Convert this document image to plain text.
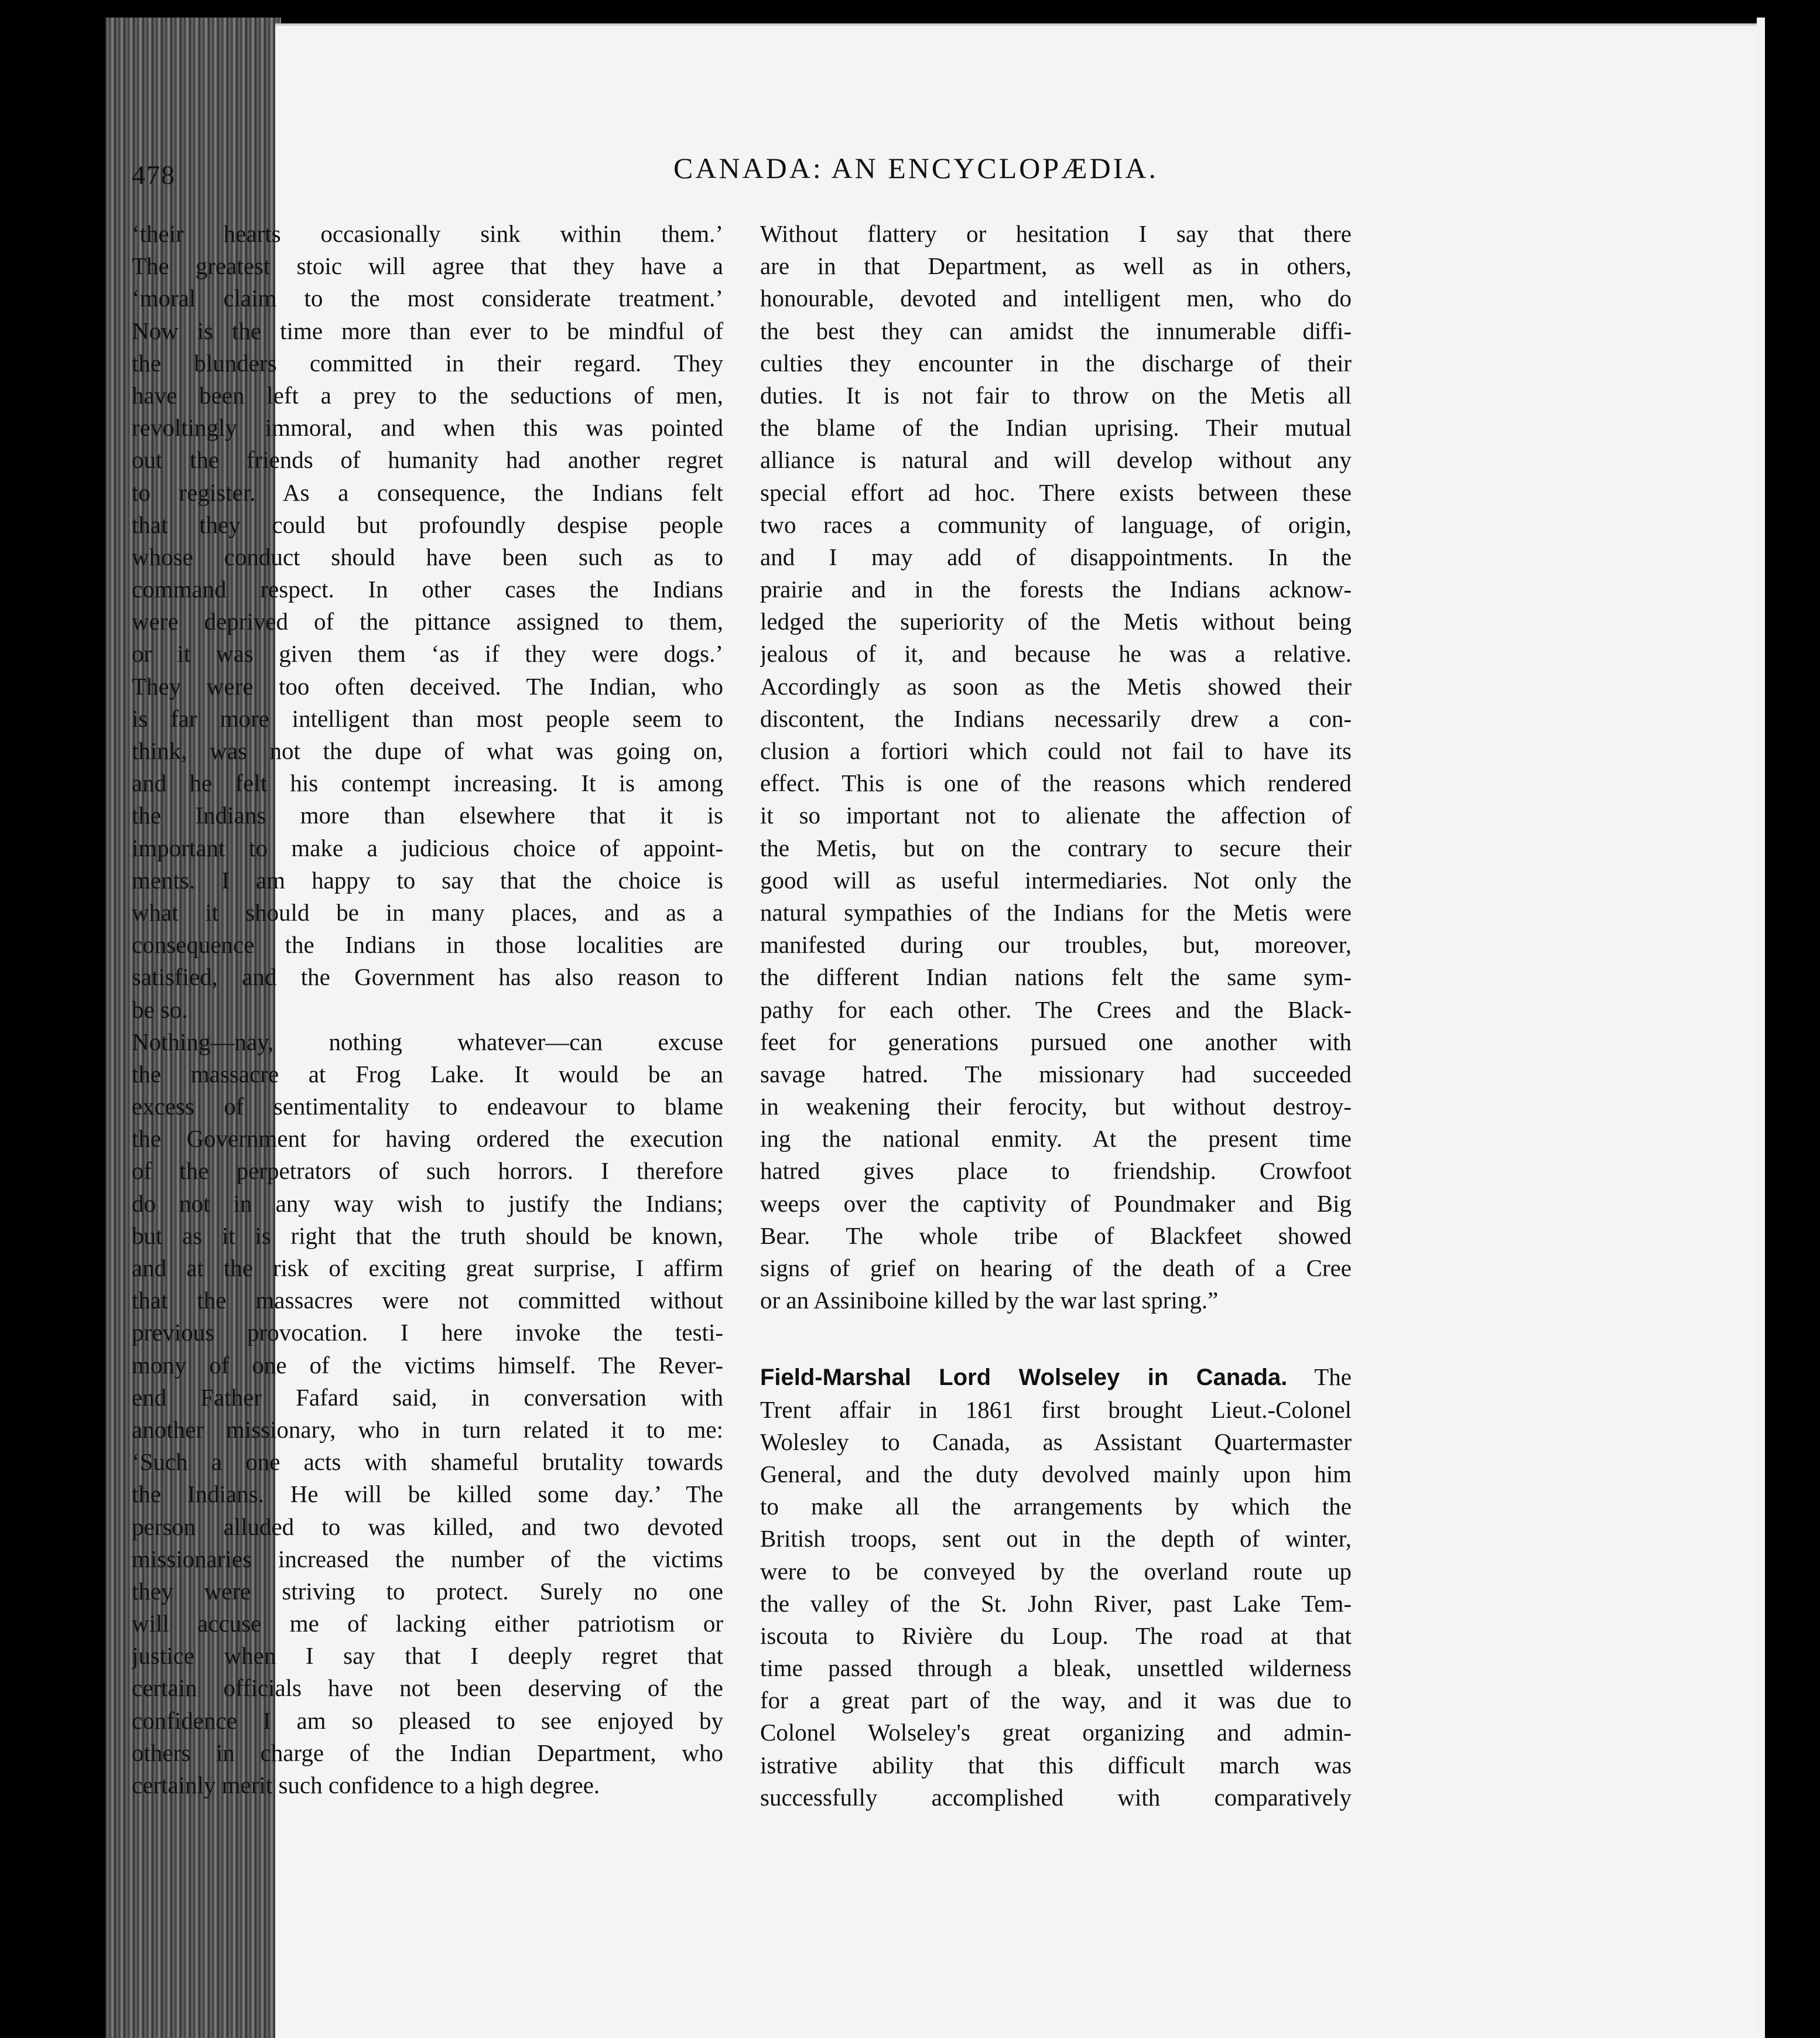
478	CANADA: AN ENCYCLOPÆDIA.
‘their hearts occasionally sink within them.’
The greatest stoic will agree that they have a
‘moral claim to the most considerate treatment.’
Now is the time more than ever to be mindful of
the blunders committed in their regard. They
have been left a prey to the seductions of men,
revoltingly immoral, and when this was pointed
out the friends of humanity had another regret
to register. As a consequence, the Indians felt
that they could but profoundly despise people
whose conduct should have been such as to
command respect. In other cases the Indians
were deprived of the pittance assigned to them,
or it was given them ‘as if they were dogs.’
They were too often deceived. The Indian, who
is far more intelligent than most people seem to
think, was not the dupe of what was going on,
and he felt his contempt increasing. It is among
the Indians more than elsewhere that it is
important to make a judicious choice of appoint-
ments. I am happy to say that the choice is
what it should be in many places, and as a
consequence the Indians in those localities are
satisfied, and the Government has also reason to
be so.
Nothing—nay, nothing whatever—can excuse
the massacre at Frog Lake. It would be an
excess of sentimentality to endeavour to blame
the Government for having ordered the execution
of the perpetrators of such horrors. I therefore
do not in any way wish to justify the Indians;
but as it is right that the truth should be known,
and at the risk of exciting great surprise, I affirm
that the massacres were not committed without
previous provocation. I here invoke the testi-
mony of one of the victims himself. The Rever-
end Father Fafard said, in conversation with
another missionary, who in turn related it to me:
‘Such a one acts with shameful brutality towards
the Indians. He will be killed some day.’ The
person alluded to was killed, and two devoted
missionaries increased the number of the victims
they were striving to protect. Surely no one
will accuse me of lacking either patriotism or
justice when I say that I deeply regret that
certain officials have not been deserving of the
confidence I am so pleased to see enjoyed by
others in charge of the Indian Department, who
certainly merit such confidence to a high degree.
Without flattery or hesitation I say that there
are in that Department, as well as in others,
honourable, devoted and intelligent men, who do
the best they can amidst the innumerable diffi-
culties they encounter in the discharge of their
duties. It is not fair to throw on the Metis all
the blame of the Indian uprising. Their mutual
alliance is natural and will develop without any
special effort ad hoc. There exists between these
two races a community of language, of origin,
and I may add of disappointments. In the
prairie and in the forests the Indians acknow-
ledged the superiority of the Metis without being
jealous of it, and because he was a relative.
Accordingly as soon as the Metis showed their
discontent, the Indians necessarily drew a con-
clusion a fortiori which could not fail to have its
effect. This is one of the reasons which rendered
it so important not to alienate the affection of
the Metis, but on the contrary to secure their
good will as useful intermediaries. Not only the
natural sympathies of the Indians for the Metis were
manifested during our troubles, but, moreover,
the different Indian nations felt the same sym-
pathy for each other. The Crees and the Black-
feet for generations pursued one another with
savage hatred. The missionary had succeeded
in weakening their ferocity, but without destroy-
ing the national enmity. At the present time
hatred gives place to friendship. Crowfoot
weeps over the captivity of Poundmaker and Big
Bear. The whole tribe of Blackfeet showed
signs of grief on hearing of the death of a Cree
or an Assiniboine killed by the war last spring.”
Field-Marshal Lord Wolseley in Canada. The
Trent affair in 1861 first brought Lieut.-Colonel
Wolesley to Canada, as Assistant Quartermaster
General, and the duty devolved mainly upon him
to make all the arrangements by which the
British troops, sent out in the depth of winter,
were to be conveyed by the overland route up
the valley of the St. John River, past Lake Tem-
iscouta to Rivière du Loup. The road at that
time passed through a bleak, unsettled wilderness
for a great part of the way, and it was due to
Colonel Wolseley's great organizing and admin-
istrative ability that this difficult march was
successfully accomplished with comparatively
